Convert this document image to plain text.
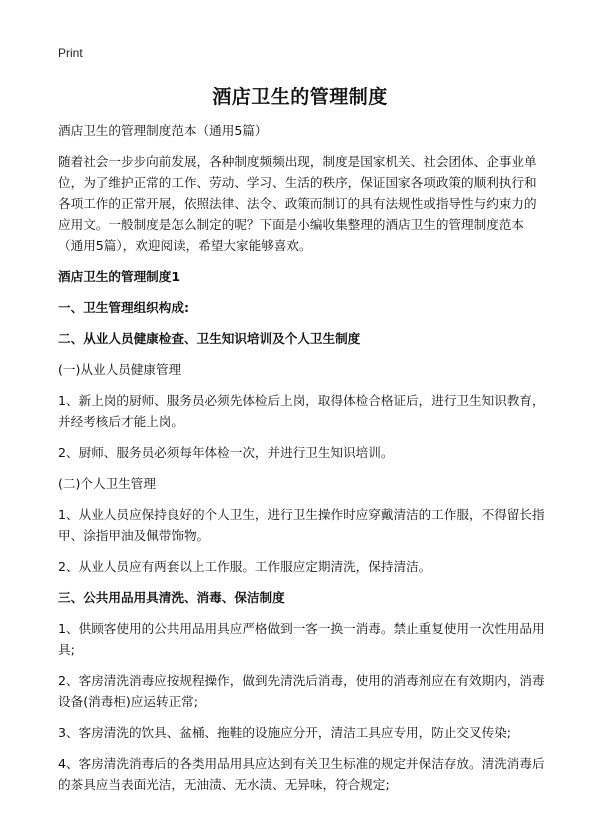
Print
酒店卫生的管理制度

酒店卫生的管理制度范本（通用5篇）

随着社会一步步向前发展，各种制度频频出现，制度是国家机关、社会团体、企事业单位，为了维护正常的工作、劳动、学习、生活的秩序，保证国家各项政策的顺利执行和各项工作的正常开展，依照法律、法令、政策而制订的具有法规性或指导性与约束力的应用文。一般制度是怎么制定的呢？下面是小编收集整理的酒店卫生的管理制度范本（通用5篇），欢迎阅读，希望大家能够喜欢。

酒店卫生的管理制度1

一、卫生管理组织构成:

二、从业人员健康检查、卫生知识培训及个人卫生制度

(一)从业人员健康管理

1、新上岗的厨师、服务员必须先体检后上岗，取得体检合格证后，进行卫生知识教育，并经考核后才能上岗。

2、厨师、服务员必须每年体检一次，并进行卫生知识培训。

(二)个人卫生管理

1、从业人员应保持良好的个人卫生，进行卫生操作时应穿戴清洁的工作服，不得留长指甲、涂指甲油及佩带饰物。

2、从业人员应有两套以上工作服。工作服应定期清洗，保持清洁。

三、公共用品用具清洗、消毒、保洁制度

1、供顾客使用的公共用品用具应严格做到一客一换一消毒。禁止重复使用一次性用品用具;

2、客房清洗消毒应按规程操作，做到先清洗后消毒，使用的消毒剂应在有效期内，消毒设备(消毒柜)应运转正常;

3、客房清洗的饮具、盆桶、拖鞋的设施应分开，清洁工具应专用，防止交叉传染;

4、客房清洗消毒后的各类用品用具应达到有关卫生标准的规定并保洁存放。清洗消毒后的茶具应当表面光洁，无油渍、无水渍、无异味，符合规定;
